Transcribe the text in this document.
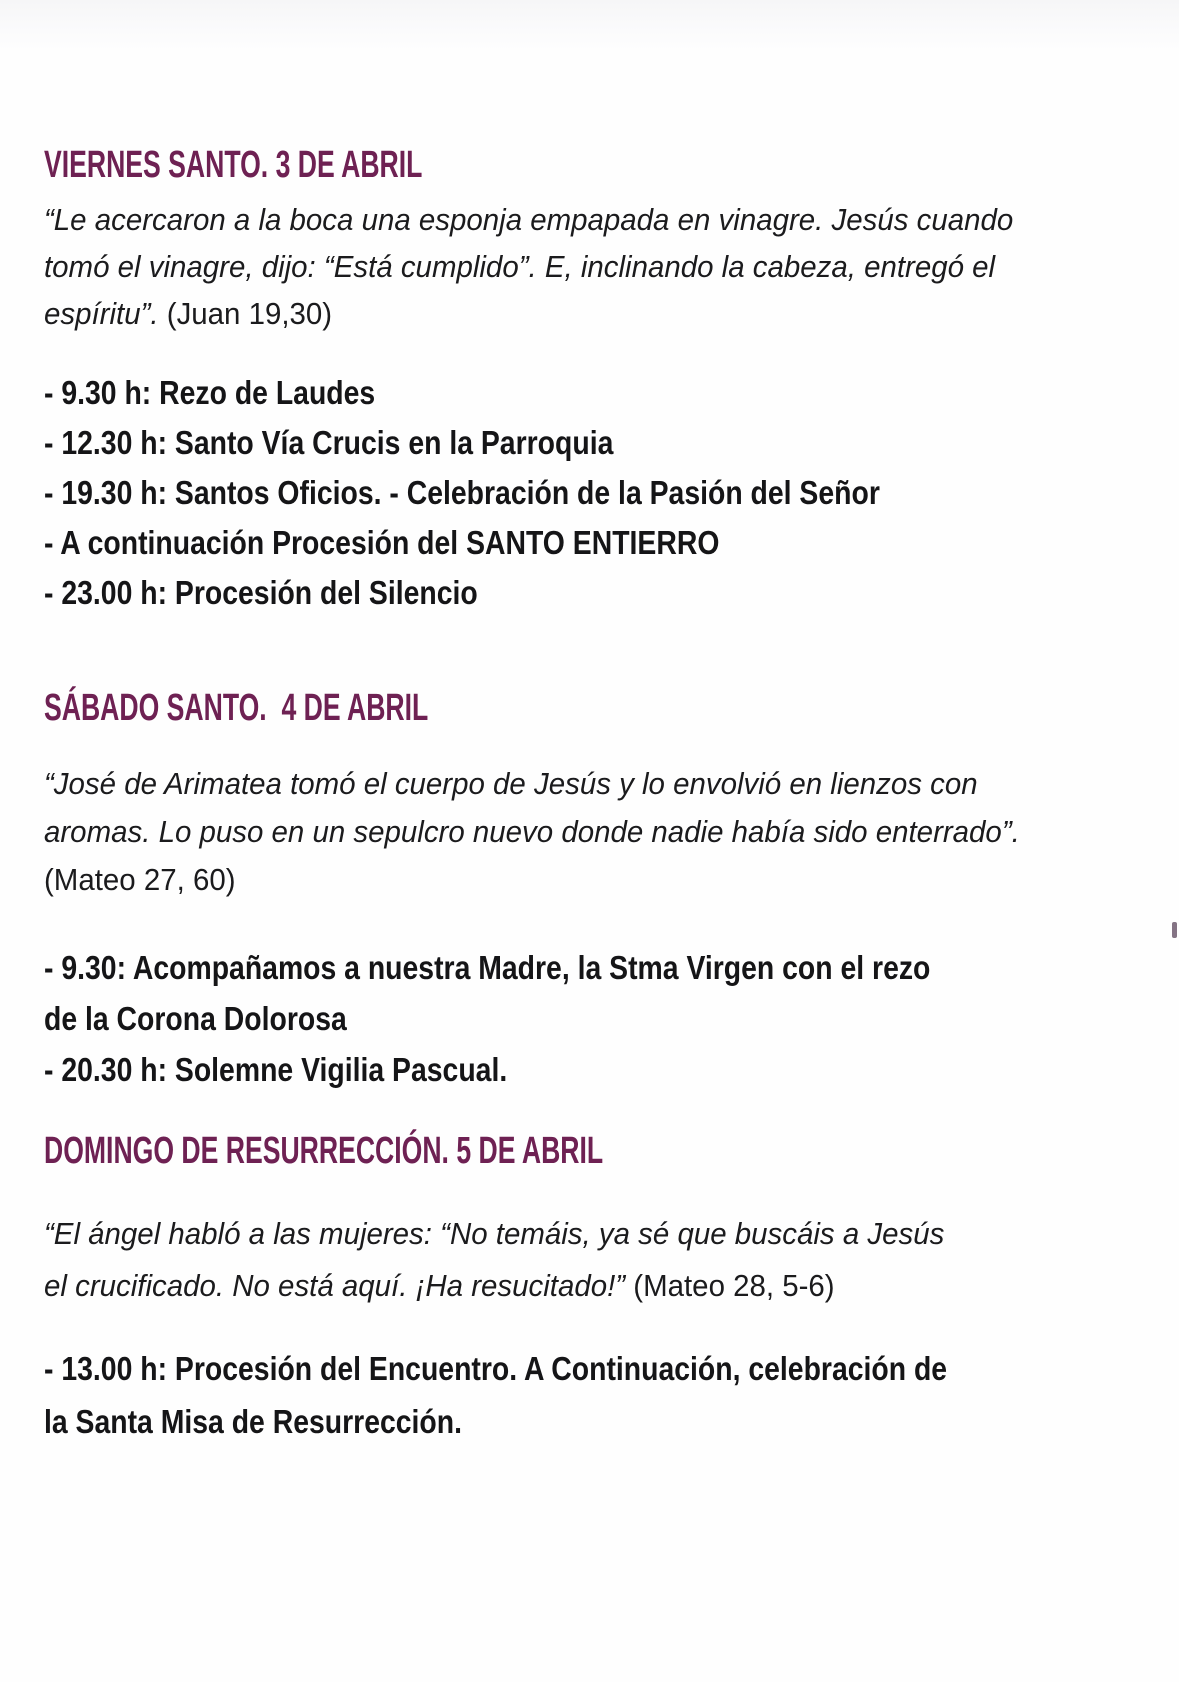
VIERNES SANTO. 3 DE ABRIL
“Le acercaron a la boca una esponja empapada en vinagre. Jesús cuando
tomó el vinagre, dijo: “Está cumplido”. E, inclinando la cabeza, entregó el
espíritu”. (Juan 19,30)
- 9.30 h: Rezo de Laudes
- 12.30 h: Santo Vía Crucis en la Parroquia
- 19.30 h: Santos Oficios. - Celebración de la Pasión del Señor
- A continuación Procesión del SANTO ENTIERRO
- 23.00 h: Procesión del Silencio
SÁBADO SANTO.  4 DE ABRIL
“José de Arimatea tomó el cuerpo de Jesús y lo envolvió en lienzos con
aromas. Lo puso en un sepulcro nuevo donde nadie había sido enterrado”.
(Mateo 27, 60)
- 9.30: Acompañamos a nuestra Madre, la Stma Virgen con el rezo
de la Corona Dolorosa
- 20.30 h: Solemne Vigilia Pascual.
DOMINGO DE RESURRECCIÓN. 5 DE ABRIL
“El ángel habló a las mujeres: “No temáis, ya sé que buscáis a Jesús
el crucificado. No está aquí. ¡Ha resucitado!” (Mateo 28, 5-6)
- 13.00 h: Procesión del Encuentro. A Continuación, celebración de
la Santa Misa de Resurrección.
